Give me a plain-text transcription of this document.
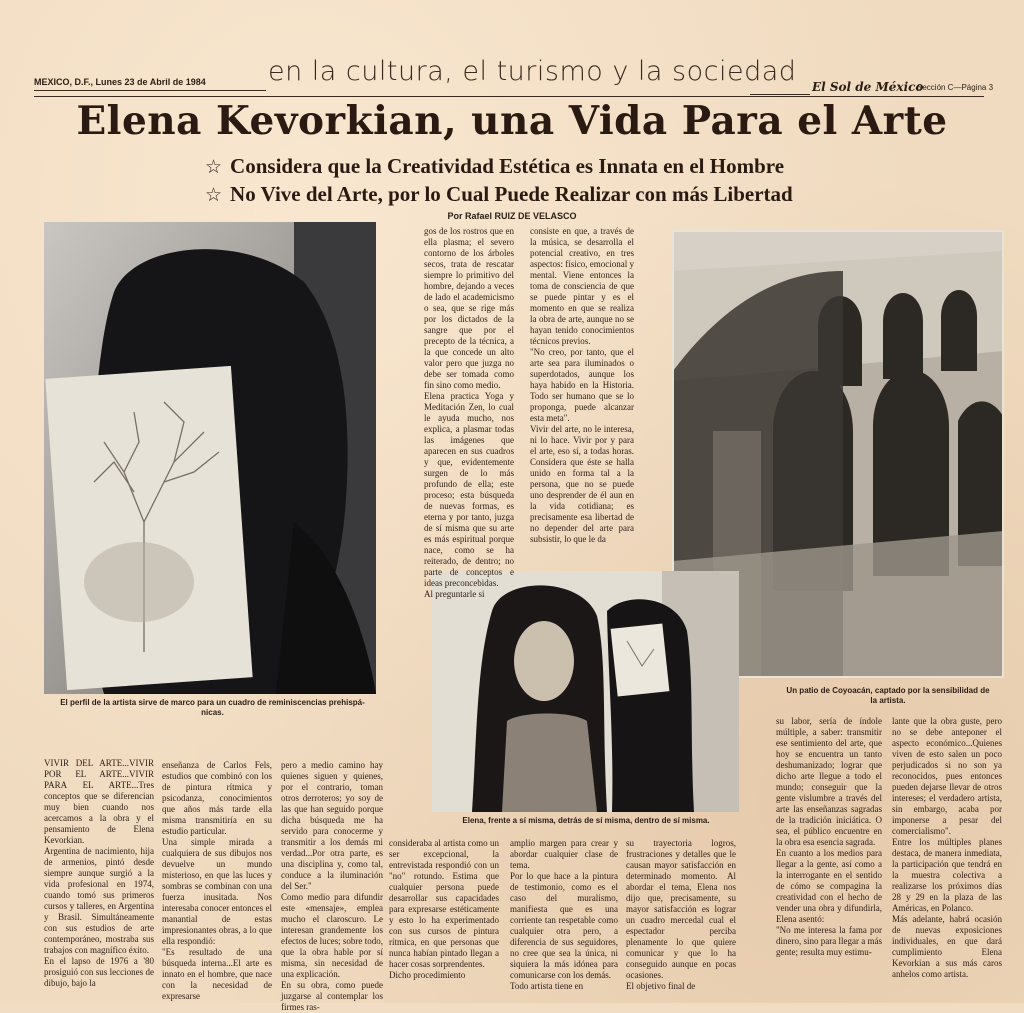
MEXICO, D.F., Lunes 23 de Abril de 1984 en la cultura, el turismo y la sociedad El Sol de México
Sección C—Página 3
Elena Kevorkian, una Vida Para el Arte
☆ Considera que la Creatividad Estética es Innata en el Hombre
☆ No Vive del Arte, por lo Cual Puede Realizar con más Libertad
Por Rafael RUIZ DE VELASCO
El perfil de la artista sirve de marco para un cuadro de reminiscencias prehispá-
nicas.
Un patio de Coyoacán, captado por la sensibilidad de
la artista.
Elena, frente a sí misma, detrás de sí misma, dentro de sí misma.
gos de los rostros que en ella plasma; el severo contorno de los árboles secos, trata de rescatar siempre lo primitivo del hombre, dejando a veces de lado el academicismo o sea, que se rige más por los dictados de la sangre que por el precepto de la técnica, a la que concede un alto valor pero que juzga no debe ser tomada como fin sino como medio.
Elena practica Yoga y Meditación Zen, lo cual le ayuda mucho, nos explica, a plasmar todas las imágenes que aparecen en sus cuadros y que, evidentemente surgen de lo más profundo de ella; este proceso; esta búsqueda de nuevas formas, es eterna y por tanto, juzga de sí misma que su arte es más espiritual porque nace, como se ha reiterado, de dentro; no parte de conceptos e ideas preconcebidas.
Al preguntarle si
consiste en que, a través de la música, se desarrolla el potencial creativo, en tres aspectos: físico, emocional y mental. Viene entonces la toma de consciencia de que se puede pintar y es el momento en que se realiza la obra de arte, aunque no se hayan tenido conocimientos técnicos previos.
"No creo, por tanto, que el arte sea para iluminados o superdotados, aunque los haya habido en la Historia. Todo ser humano que se lo proponga, puede alcanzar esta meta".
Vivir del arte, no le interesa, ni lo hace. Vivir por y para el arte, eso sí, a todas horas. Considera que éste se halla unido en forma tal a la persona, que no se puede uno desprender de él aun en la vida cotidiana; es precisamente esa libertad de no depender del arte para subsistir, lo que le da
VIVIR DEL ARTE...VIVIR POR EL ARTE...VIVIR PARA EL ARTE...Tres conceptos que se diferencian muy bien cuando nos acercamos a la obra y el pensamiento de Elena Kevorkian.
Argentina de nacimiento, hija de armenios, pintó desde siempre aunque surgió a la vida profesional en 1974, cuando tomó sus primeros cursos y talleres, en Argentina y Brasil. Simultáneamente con sus estudios de arte contemporáneo, mostraba sus trabajos con magnífico éxito.
En el lapso de 1976 a '80 prosiguió con sus lecciones de dibujo, bajo la
enseñanza de Carlos Fels, estudios que combinó con los de pintura rítmica y psicodanza, conocimientos que años más tarde ella misma transmitiría en su estudio particular.
Una simple mirada a cualquiera de sus dibujos nos devuelve un mundo misterioso, en que las luces y sombras se combinan con una fuerza inusitada. Nos interesaba conocer entonces el manantial de estas impresionantes obras, a lo que ella respondió:
"Es resultado de una búsqueda interna...El arte es innato en el hombre, que nace con la necesidad de expresarse
pero a medio camino hay quienes siguen y quienes, por el contrario, toman otros derroteros; yo soy de las que han seguido porque dicha búsqueda me ha servido para conocerme y transmitir a los demás mi verdad...Por otra parte, es una disciplina y, como tal, conduce a la iluminación del Ser."
Como medio para difundir este «mensaje», emplea mucho el claroscuro. Le interesan grandemente los efectos de luces; sobre todo, que la obra hable por sí misma, sin necesidad de una explicación.
En su obra, como puede juzgarse al contemplar los firmes ras-
consideraba al artista como un ser excepcional, la entrevistada respondió con un "no" rotundo. Estima que cualquier persona puede desarrollar sus capacidades para expresarse estéticamente y esto lo ha experimentado con sus cursos de pintura rítmica, en que personas que nunca habían pintado llegan a hacer cosas sorprendentes.
Dicho procedimiento
amplio margen para crear y abordar cualquier clase de tema.
Por lo que hace a la pintura de testimonio, como es el caso del muralismo, manifiesta que es una corriente tan respetable como cualquier otra pero, a diferencia de sus seguidores, no cree que sea la única, ni siquiera la más idónea para comunicarse con los demás.
Todo artista tiene en
su trayectoria logros, frustraciones y detalles que le causan mayor satisfacción en determinado momento. Al abordar el tema, Elena nos dijo que, precisamente, su mayor satisfacción es lograr un cuadro mercedal cual el espectador perciba plenamente lo que quiere comunicar y que lo ha conseguido aunque en pocas ocasiones.
El objetivo final de
su labor, sería de índole múltiple, a saber: transmitir ese sentimiento del arte, que hoy se encuentra un tanto deshumanizado; lograr que dicho arte llegue a todo el mundo; conseguir que la gente vislumbre a través del arte las enseñanzas sagradas de la tradición iniciática. O sea, el público encuentre en la obra esa esencia sagrada.
En cuanto a los medios para llegar a la gente, así como a la interrogante en el sentido de cómo se compagina la creatividad con el hecho de vender una obra y difundirla, Elena asentó:
"No me interesa la fama por dinero, sino para llegar a más gente; resulta muy estimu-
lante que la obra guste, pero no se debe anteponer el aspecto económico...Quienes viven de esto salen un poco perjudicados si no son ya reconocidos, pues entonces pueden dejarse llevar de otros intereses; el verdadero artista, sin embargo, acaba por imponerse a pesar del comercialismo".
Entre los múltiples planes destaca, de manera inmediata, la participación que tendrá en la muestra colectiva a realizarse los próximos días 28 y 29 en la plaza de las Américas, en Polanco.
Más adelante, habrá ocasión de nuevas exposiciones individuales, en que dará cumplimiento Elena Kevorkian a sus más caros anhelos como artista.
